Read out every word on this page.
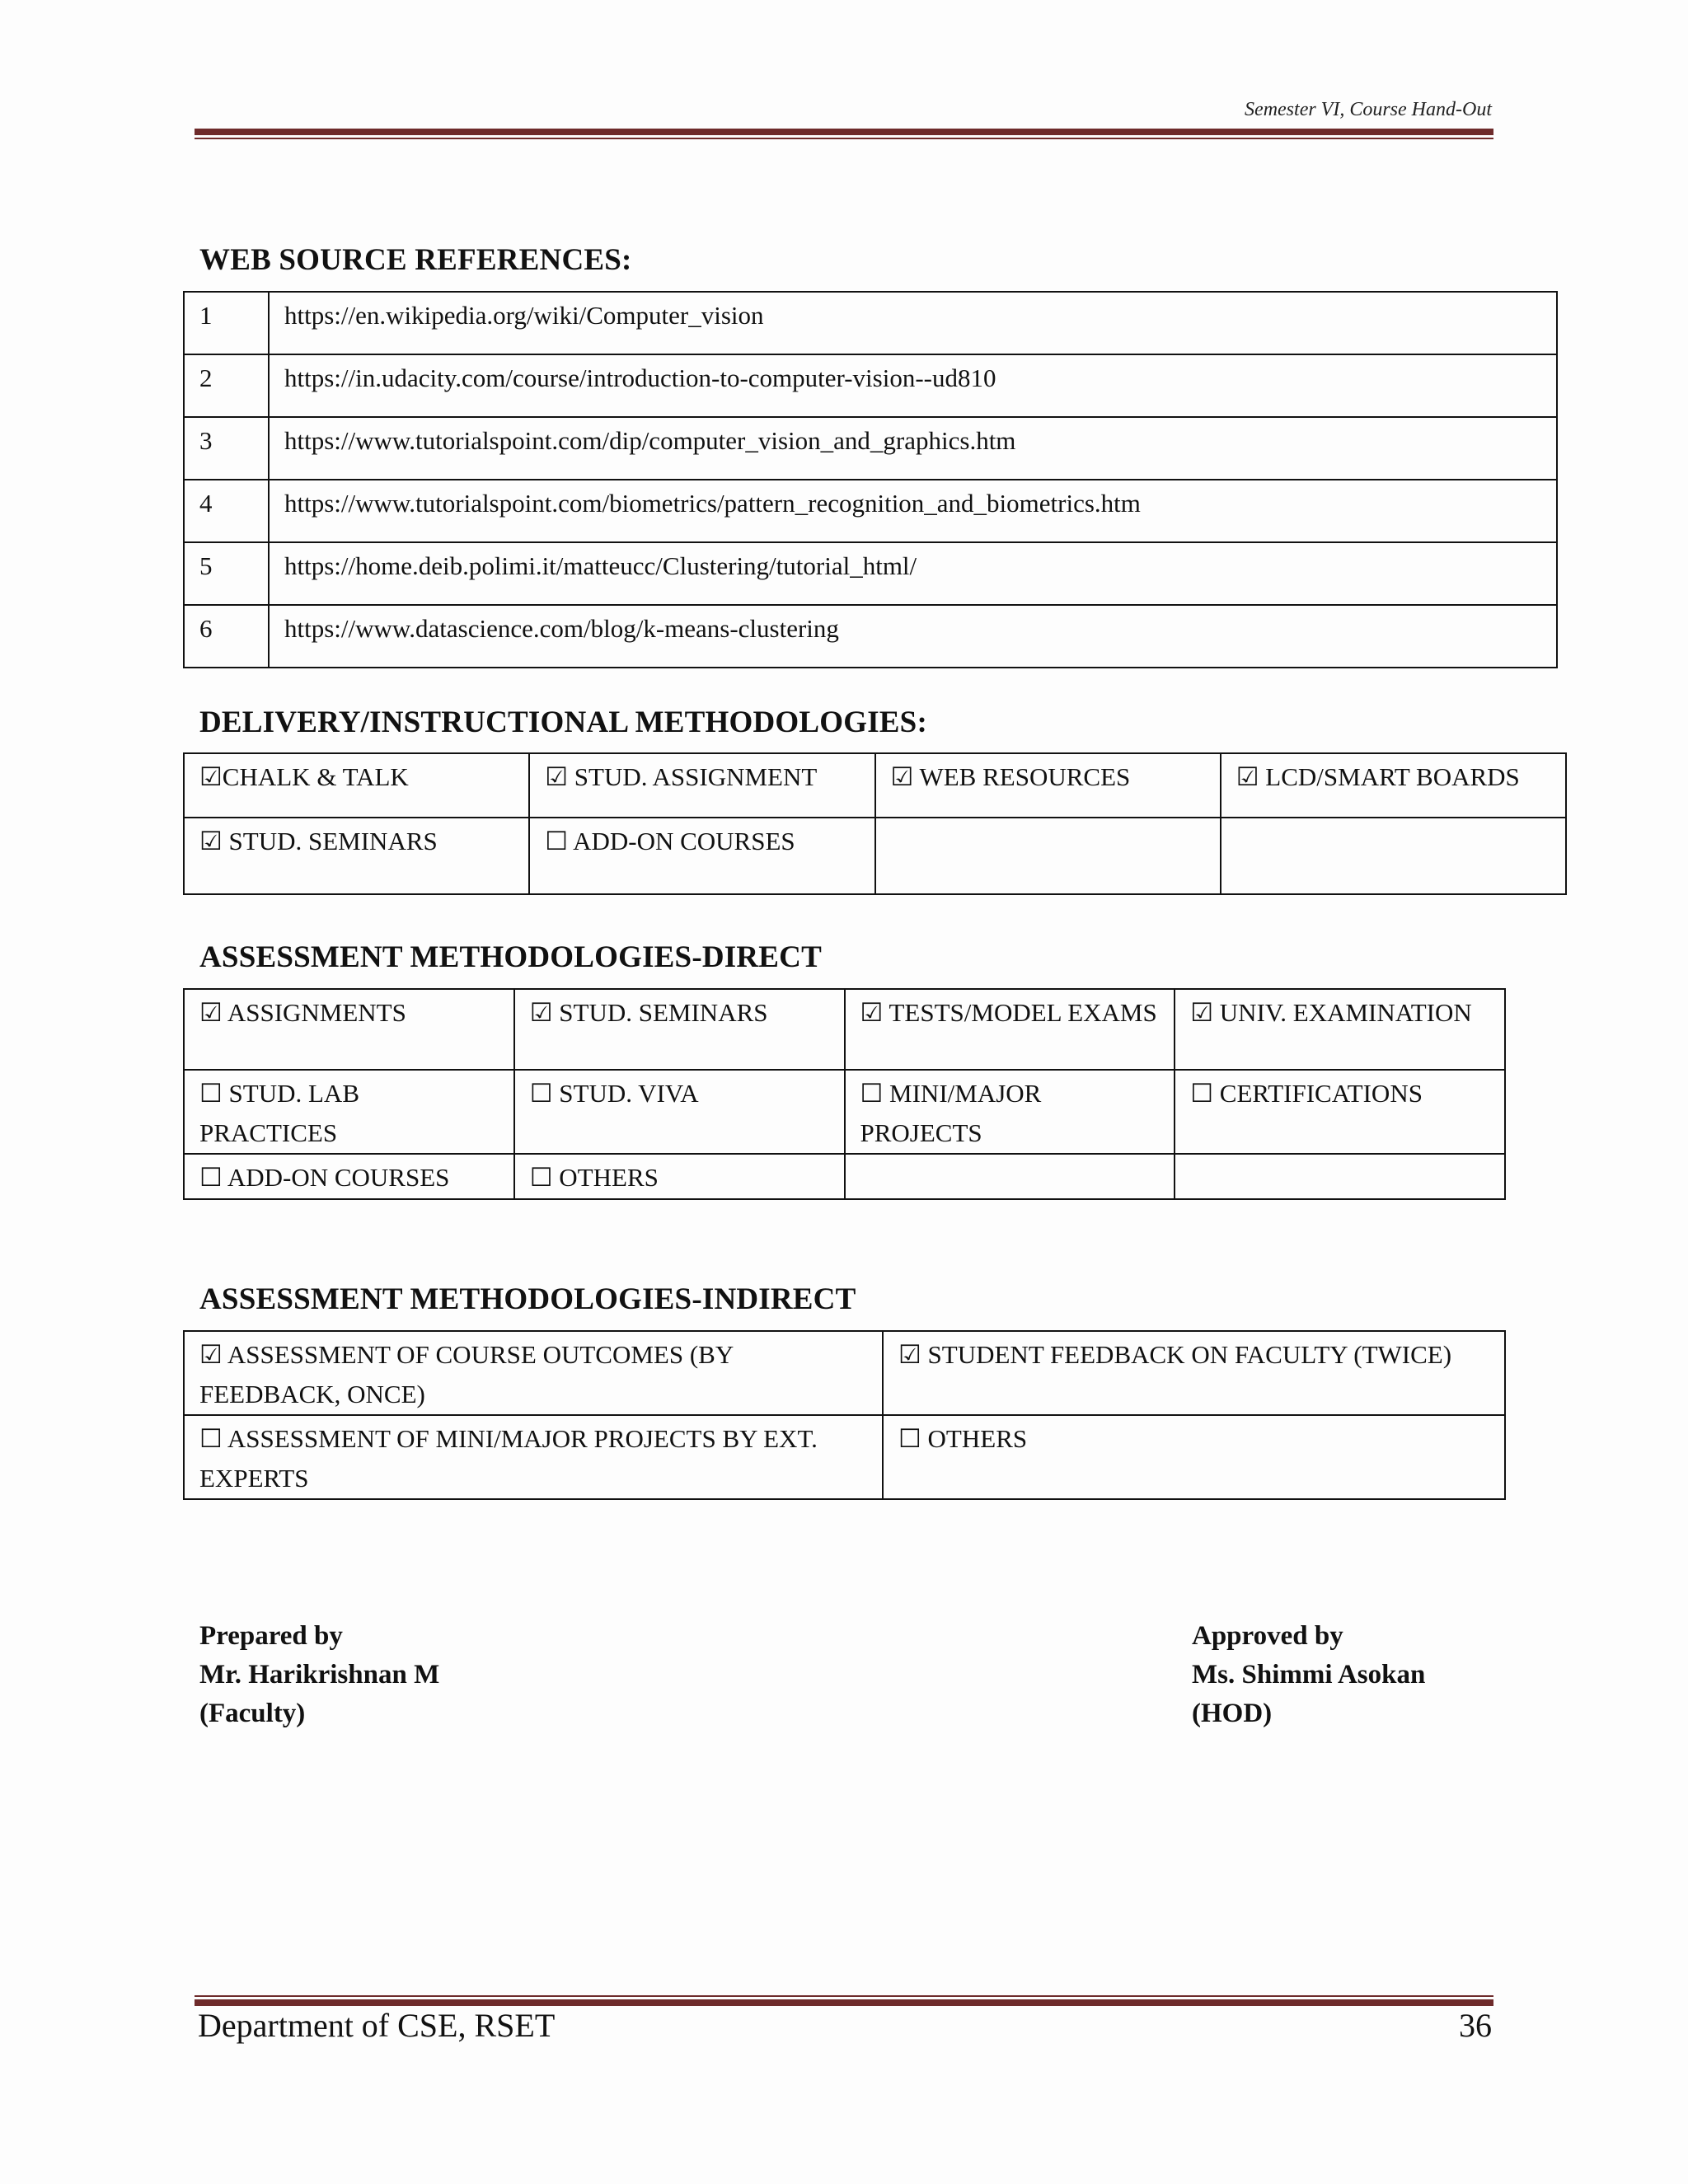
Semester VI, Course Hand-Out
WEB SOURCE REFERENCES:
1	https://en.wikipedia.org/wiki/Computer_vision
2	https://in.udacity.com/course/introduction-to-computer-vision--ud810
3	https://www.tutorialspoint.com/dip/computer_vision_and_graphics.htm
4	https://www.tutorialspoint.com/biometrics/pattern_recognition_and_biometrics.htm
5	https://home.deib.polimi.it/matteucc/Clustering/tutorial_html/
6	https://www.datascience.com/blog/k-means-clustering
DELIVERY/INSTRUCTIONAL METHODOLOGIES:
☑CHALK & TALK	☑ STUD. ASSIGNMENT	☑ WEB RESOURCES	☑ LCD/SMART BOARDS
☑ STUD. SEMINARS	☐ ADD-ON COURSES		
ASSESSMENT METHODOLOGIES-DIRECT
☑ ASSIGNMENTS	☑ STUD. SEMINARS	☑ TESTS/MODEL EXAMS	☑ UNIV. EXAMINATION
☐ STUD. LAB PRACTICES	☐ STUD. VIVA	☐ MINI/MAJOR PROJECTS	☐ CERTIFICATIONS
☐ ADD-ON COURSES	☐ OTHERS		
ASSESSMENT METHODOLOGIES-INDIRECT
☑ ASSESSMENT OF COURSE OUTCOMES (BY FEEDBACK, ONCE)	☑ STUDENT FEEDBACK ON FACULTY (TWICE)
☐ ASSESSMENT OF MINI/MAJOR PROJECTS BY EXT. EXPERTS	☐ OTHERS
Prepared by
Mr. Harikrishnan M
(Faculty)
Approved by
Ms. Shimmi Asokan
(HOD)
Department of CSE, RSET	36
